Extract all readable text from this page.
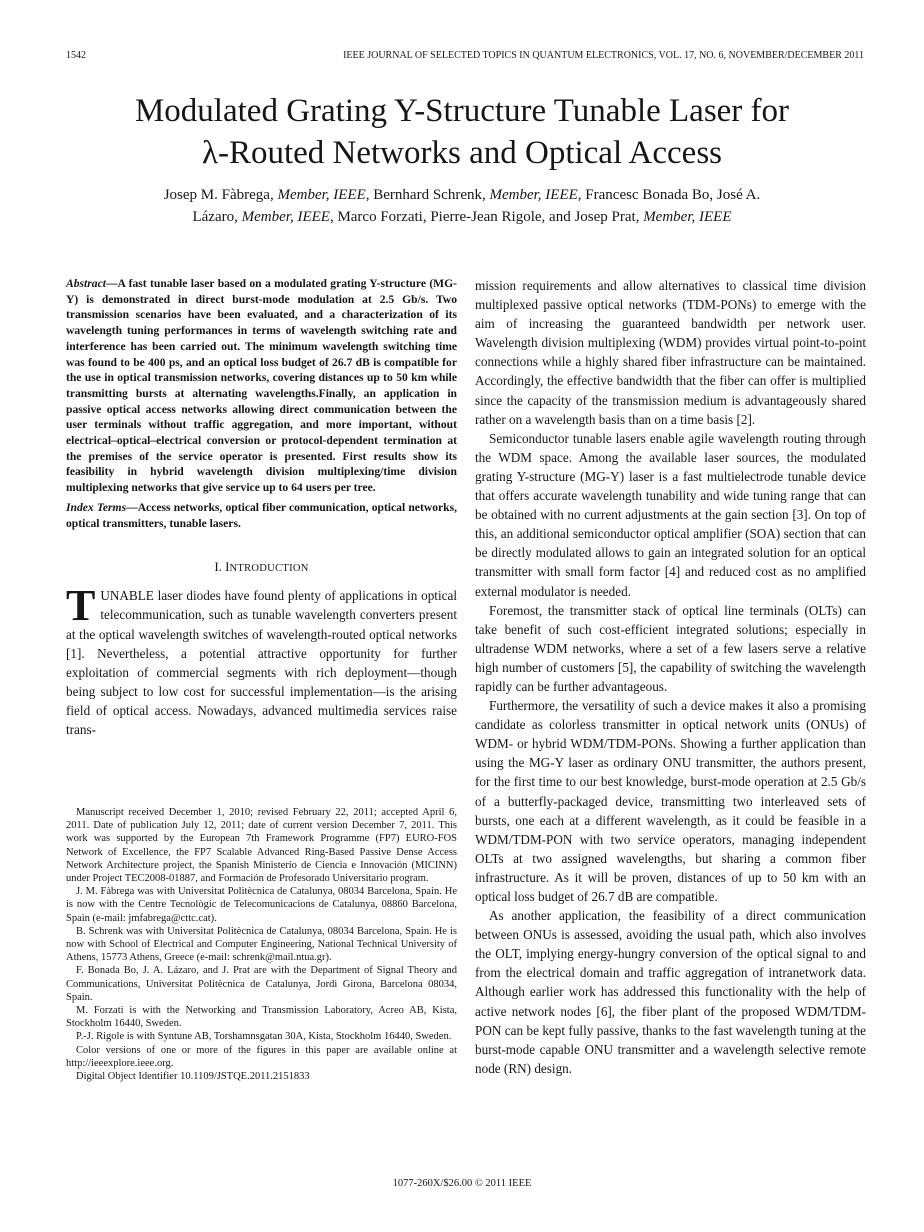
1542	IEEE JOURNAL OF SELECTED TOPICS IN QUANTUM ELECTRONICS, VOL. 17, NO. 6, NOVEMBER/DECEMBER 2011
Modulated Grating Y-Structure Tunable Laser for
λ-Routed Networks and Optical Access
Josep M. Fàbrega, Member, IEEE, Bernhard Schrenk, Member, IEEE, Francesc Bonada Bo, José A.
Lázaro, Member, IEEE, Marco Forzati, Pierre-Jean Rigole, and Josep Prat, Member, IEEE
Abstract—A fast tunable laser based on a modulated grating Y-structure (MG-Y) is demonstrated in direct burst-mode modulation at 2.5 Gb/s. Two transmission scenarios have been evaluated, and a characterization of its wavelength tuning performances in terms of wavelength switching rate and interference has been carried out. The minimum wavelength switching time was found to be 400 ps, and an optical loss budget of 26.7 dB is compatible for the use in optical transmission networks, covering distances up to 50 km while transmitting bursts at alternating wavelengths.Finally, an application in passive optical access networks allowing direct communication between the user terminals without traffic aggregation, and more important, without electrical–optical–electrical conversion or protocol-dependent termination at the premises of the service operator is presented. First results show its feasibility in hybrid wavelength division multiplexing/time division multiplexing networks that give service up to 64 users per tree.
Index Terms—Access networks, optical fiber communication, optical networks, optical transmitters, tunable lasers.
I. INTRODUCTION

TUNABLE laser diodes have found plenty of applications in optical telecommunication, such as tunable wavelength converters present at the optical wavelength switches of wavelength-routed optical networks [1]. Nevertheless, a potential attractive opportunity for further exploitation of commercial segments with rich deployment—though being subject to low cost for successful implementation—is the arising field of optical access. Nowadays, advanced multimedia services raise trans-

Manuscript received December 1, 2010; revised February 22, 2011; accepted April 6, 2011. Date of publication July 12, 2011; date of current version December 7, 2011. This work was supported by the European 7th Framework Programme (FP7) EURO-FOS Network of Excellence, the FP7 Scalable Advanced Ring-Based Passive Dense Access Network Architecture project, the Spanish Ministerio de Ciencia e Innovación (MICINN) under Project TEC2008-01887, and Formación de Profesorado Universitario program.

J. M. Fàbrega was with Universitat Politècnica de Catalunya, 08034 Barcelona, Spain. He is now with the Centre Tecnològic de Telecomunicacions de Catalunya, 08860 Barcelona, Spain (e-mail: jmfabrega@cttc.cat).

B. Schrenk was with Universitat Politècnica de Catalunya, 08034 Barcelona, Spain. He is now with School of Electrical and Computer Engineering, National Technical University of Athens, 15773 Athens, Greece (e-mail: schrenk@mail.ntua.gr).

F. Bonada Bo, J. A. Lázaro, and J. Prat are with the Department of Signal Theory and Communications, Universitat Politècnica de Catalunya, Jordi Girona, Barcelona 08034, Spain.

M. Forzati is with the Networking and Transmission Laboratory, Acreo AB, Kista, Stockholm 16440, Sweden.

P.-J. Rigole is with Syntune AB, Torshamnsgatan 30A, Kista, Stockholm 16440, Sweden.

Color versions of one or more of the figures in this paper are available online at http://ieeexplore.ieee.org.

Digital Object Identifier 10.1109/JSTQE.2011.2151833

mission requirements and allow alternatives to classical time division multiplexed passive optical networks (TDM-PONs) to emerge with the aim of increasing the guaranteed bandwidth per network user. Wavelength division multiplexing (WDM) provides virtual point-to-point connections while a highly shared fiber infrastructure can be maintained. Accordingly, the effective bandwidth that the fiber can offer is multiplied since the capacity of the transmission medium is advantageously shared rather on a wavelength basis than on a time basis [2].

Semiconductor tunable lasers enable agile wavelength routing through the WDM space. Among the available laser sources, the modulated grating Y-structure (MG-Y) laser is a fast multielectrode tunable device that offers accurate wavelength tunability and wide tuning range that can be obtained with no current adjustments at the gain section [3]. On top of this, an additional semiconductor optical amplifier (SOA) section that can be directly modulated allows to gain an integrated solution for an optical transmitter with small form factor [4] and reduced cost as no amplified external modulator is needed.

Foremost, the transmitter stack of optical line terminals (OLTs) can take benefit of such cost-efficient integrated solutions; especially in ultradense WDM networks, where a set of a few lasers serve a relative high number of customers [5], the capability of switching the wavelength rapidly can be further advantageous.

Furthermore, the versatility of such a device makes it also a promising candidate as colorless transmitter in optical network units (ONUs) of WDM- or hybrid WDM/TDM-PONs. Showing a further application than using the MG-Y laser as ordinary ONU transmitter, the authors present, for the first time to our best knowledge, burst-mode operation at 2.5 Gb/s of a butterfly-packaged device, transmitting two interleaved sets of bursts, one each at a different wavelength, as it could be feasible in a WDM/TDM-PON with two service operators, managing independent OLTs at two assigned wavelengths, but sharing a common fiber infrastructure. As it will be proven, distances of up to 50 km with an optical loss budget of 26.7 dB are compatible.

As another application, the feasibility of a direct communication between ONUs is assessed, avoiding the usual path, which also involves the OLT, implying energy-hungry conversion of the optical signal to and from the electrical domain and traffic aggregation of intranetwork data. Although earlier work has addressed this functionality with the help of active network nodes [6], the fiber plant of the proposed WDM/TDM-PON can be kept fully passive, thanks to the fast wavelength tuning at the burst-mode capable ONU transmitter and a wavelength selective remote node (RN) design.

1077-260X/$26.00 © 2011 IEEE
